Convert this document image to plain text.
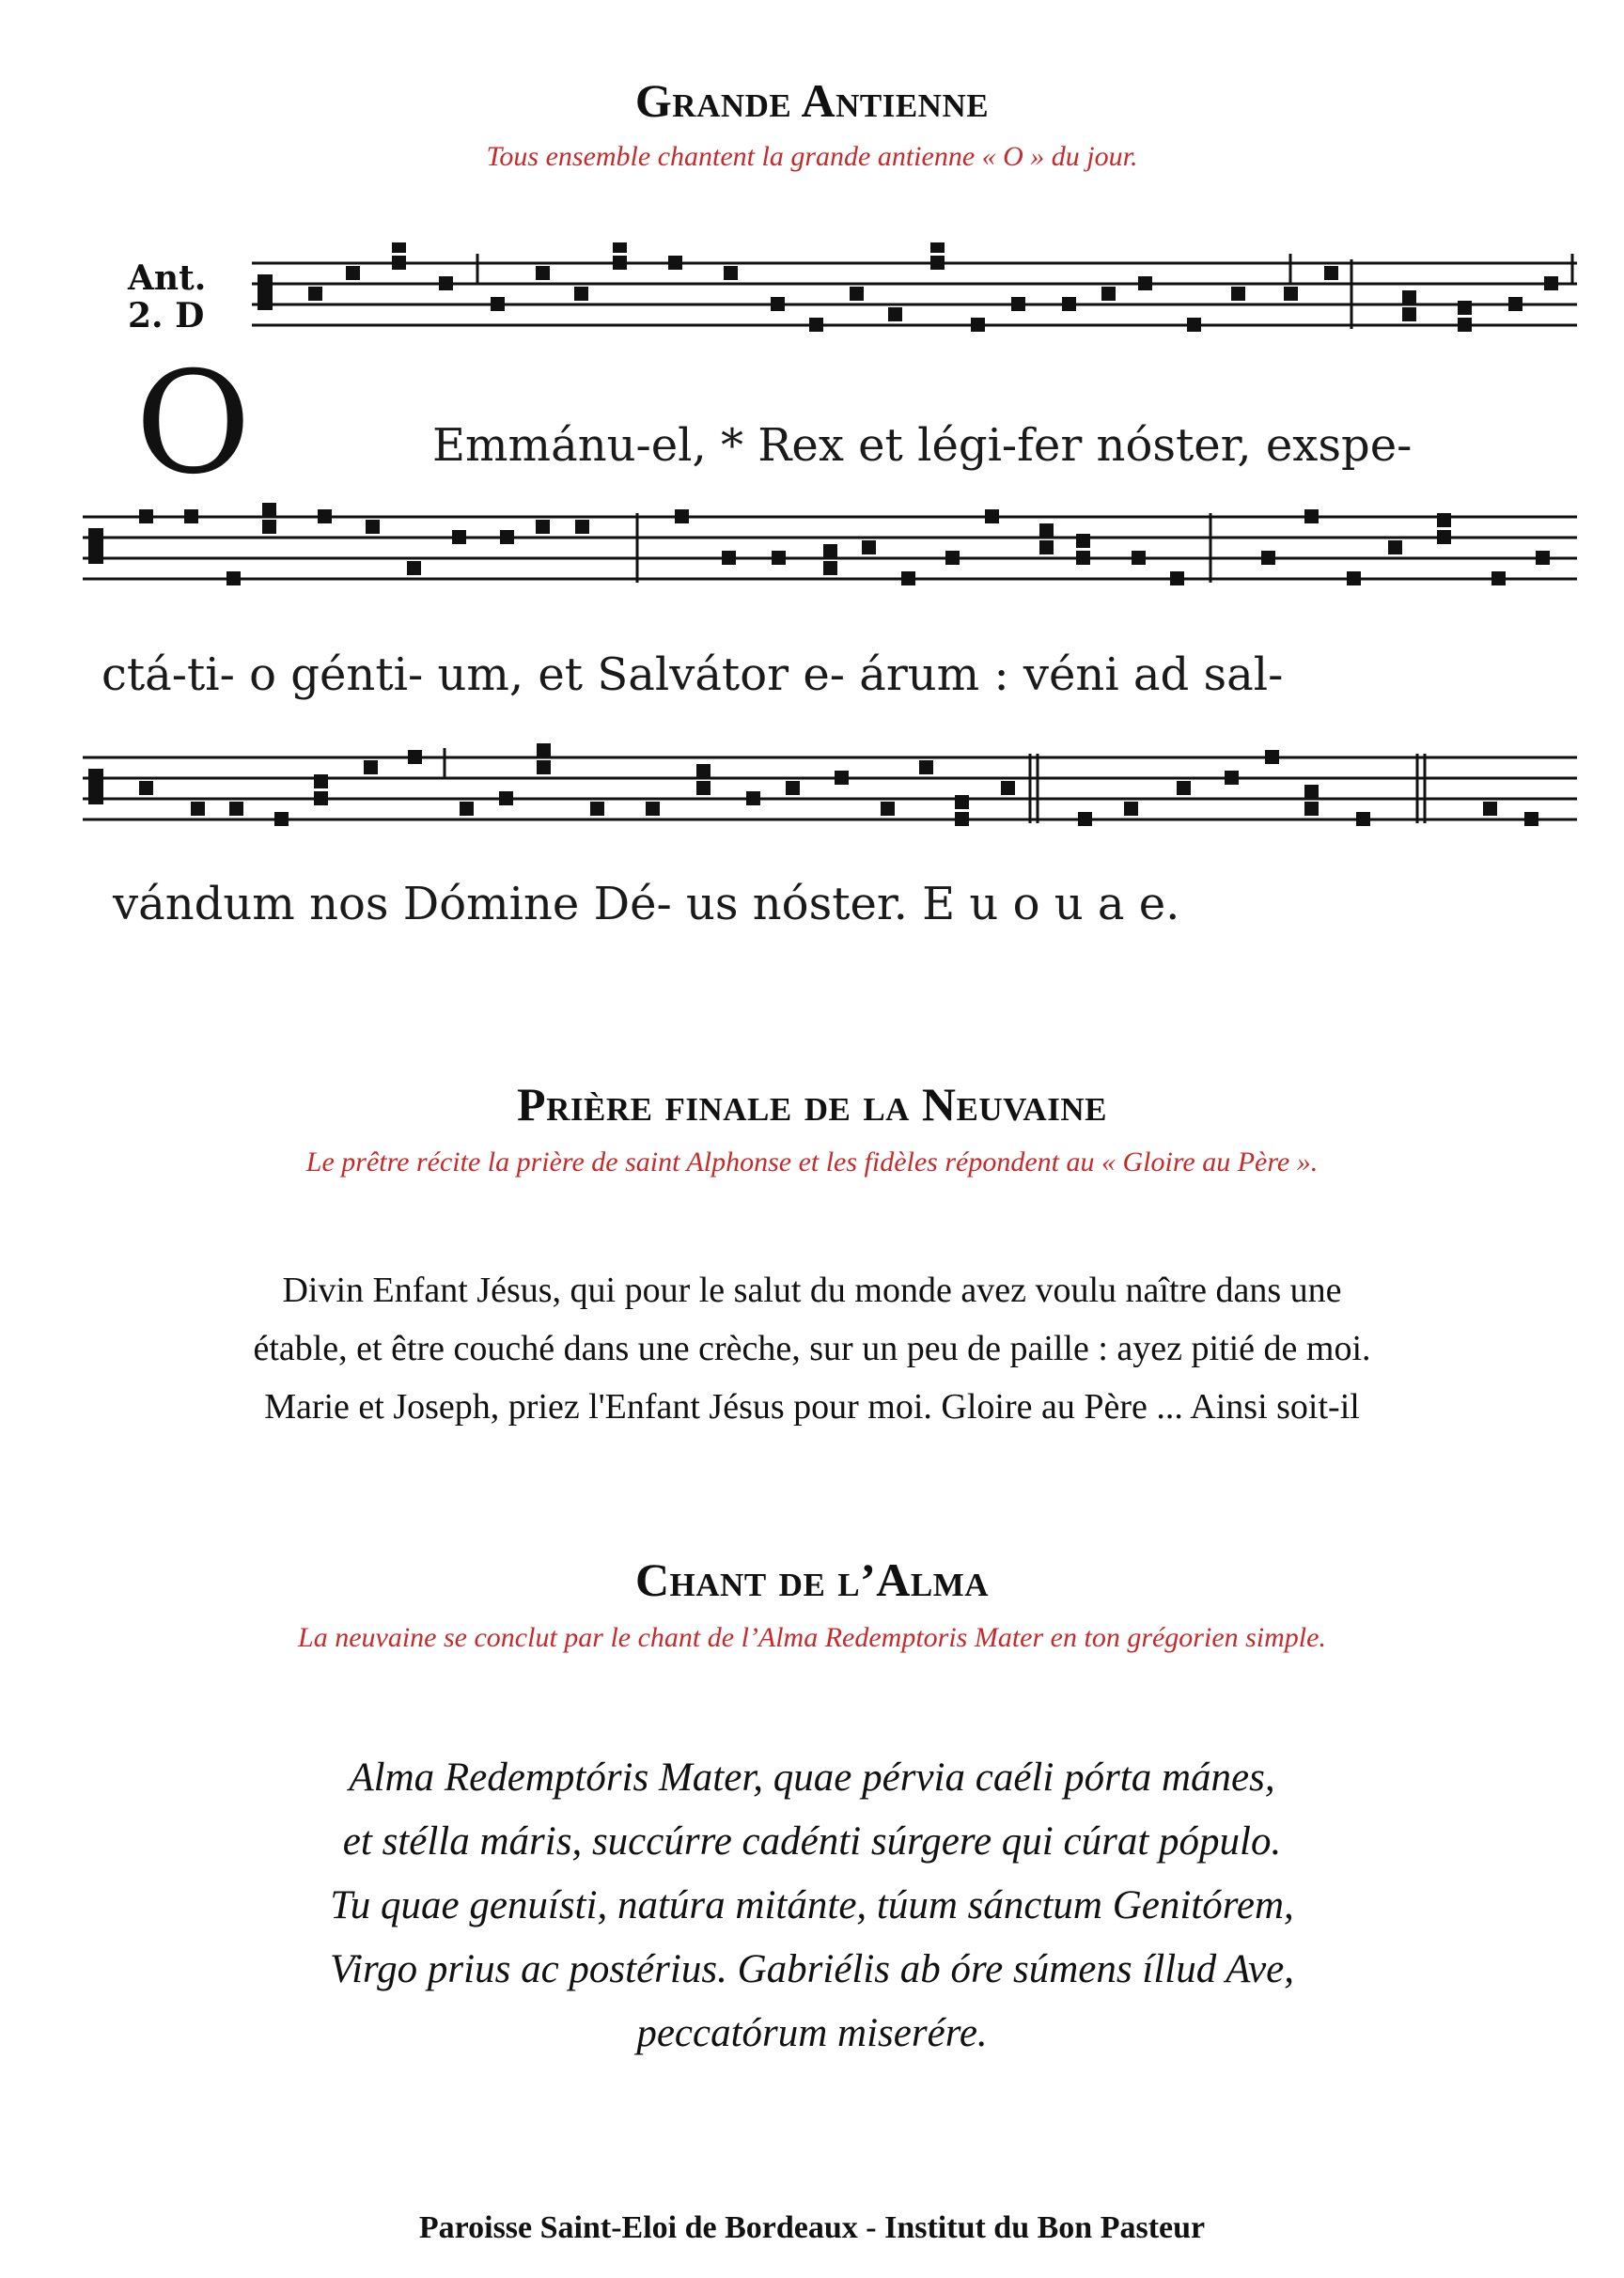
Grande Antienne
Tous ensemble chantent la grande antienne « O » du jour.
Ant.
2. D
O	Emmánu-el, * Rex et légi-fer nóster, exspe-
ctá-ti- o génti- um, et Salvátor e- árum : véni ad sal-
vándum nos Dómine Dé- us nóster. E u o u a e.
Prière finale de la Neuvaine
Le prêtre récite la prière de saint Alphonse et les fidèles répondent au « Gloire au Père ».

Divin Enfant Jésus, qui pour le salut du monde avez voulu naître dans une

étable, et être couché dans une crèche, sur un peu de paille : ayez pitié de moi.

Marie et Joseph, priez l'Enfant Jésus pour moi. Gloire au Père ... Ainsi soit-il

Chant de l’Alma
La neuvaine se conclut par le chant de l’Alma Redemptoris Mater en ton grégorien simple.

Alma Redemptóris Mater, quae pérvia caéli pórta mánes,

et stélla máris, succúrre cadénti súrgere qui cúrat pópulo.

Tu quae genuísti, natúra mitánte, túum sánctum Genitórem,

Virgo prius ac postérius. Gabriélis ab óre súmens íllud Ave,

peccatórum miserére.

Paroisse Saint-Eloi de Bordeaux - Institut du Bon Pasteur
